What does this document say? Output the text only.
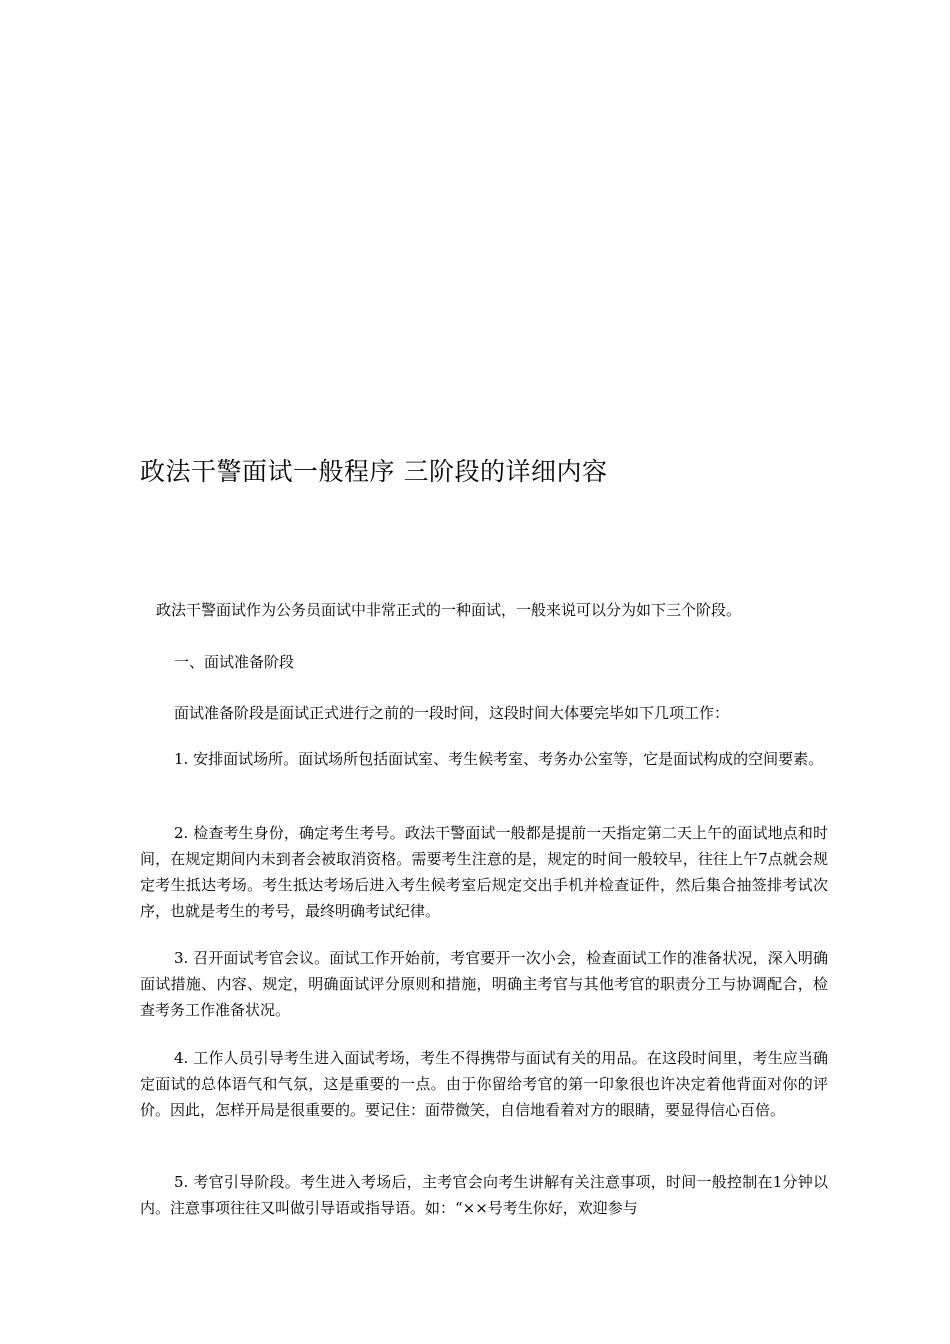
政法干警面试一般程序 三阶段的详细内容

政法干警面试作为公务员面试中非常正式的一种面试，一般来说可以分为如下三个阶段。

一、面试准备阶段

面试准备阶段是面试正式进行之前的一段时间，这段时间大体要完毕如下几项工作：

1. 安排面试场所。面试场所包括面试室、考生候考室、考务办公室等，它是面试构成的空间要素。

2. 检查考生身份，确定考生考号。政法干警面试一般都是提前一天指定第二天上午的面试地点和时间，在规定期间内未到者会被取消资格。需要考生注意的是，规定的时间一般较早，往往上午7点就会规定考生抵达考场。考生抵达考场后进入考生候考室后规定交出手机并检查证件，然后集合抽签排考试次序，也就是考生的考号，最终明确考试纪律。

3. 召开面试考官会议。面试工作开始前，考官要开一次小会，检查面试工作的准备状况，深入明确面试措施、内容、规定，明确面试评分原则和措施，明确主考官与其他考官的职责分工与协调配合，检查考务工作准备状况。

4. 工作人员引导考生进入面试考场，考生不得携带与面试有关的用品。在这段时间里，考生应当确定面试的总体语气和气氛，这是重要的一点。由于你留给考官的第一印象很也许决定着他背面对你的评价。因此，怎样开局是很重要的。要记住：面带微笑，自信地看着对方的眼睛，要显得信心百倍。

5. 考官引导阶段。考生进入考场后，主考官会向考生讲解有关注意事项，时间一般控制在1分钟以内。注意事项往往又叫做引导语或指导语。如：“××号考生你好，欢迎参与
